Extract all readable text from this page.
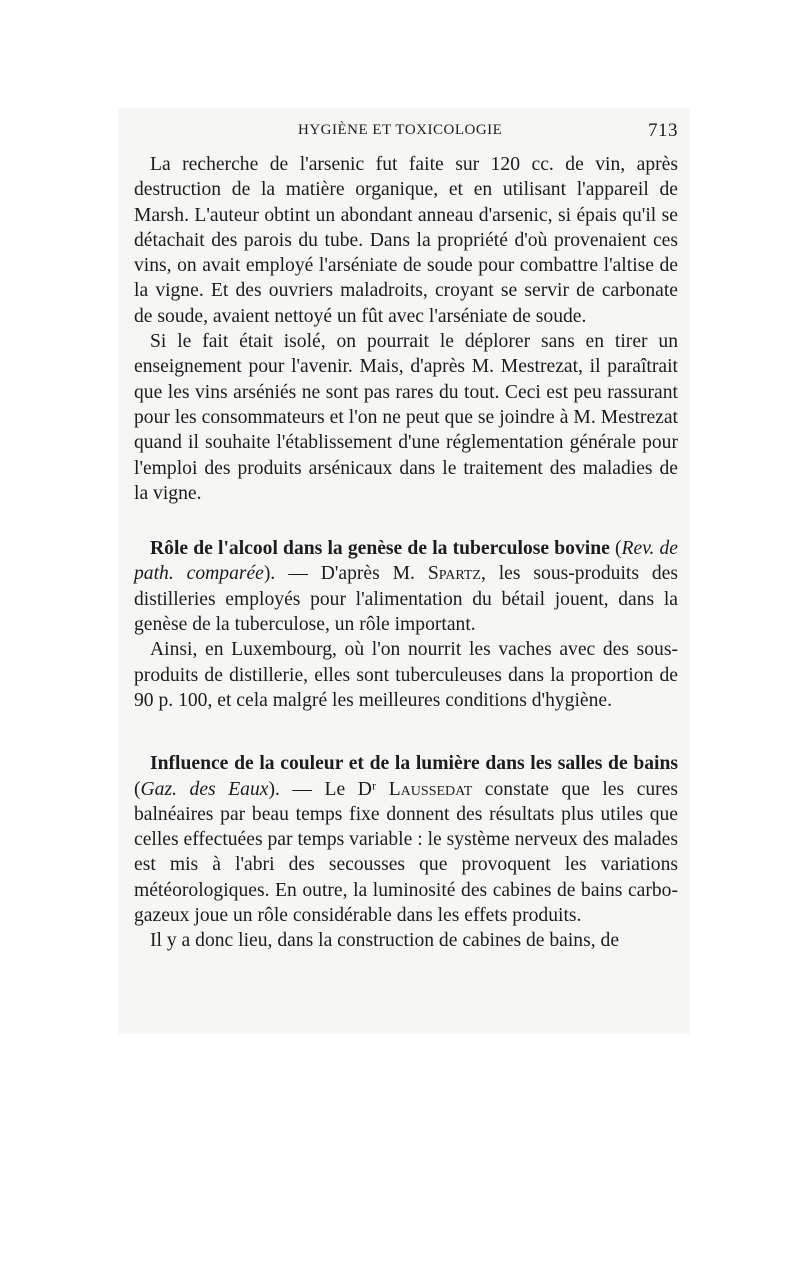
HYGIÈNE ET TOXICOLOGIE	713

La recherche de l'arsenic fut faite sur 120 cc. de vin, après destruction de la matière organique, et en utilisant l'appareil de Marsh. L'auteur obtint un abondant anneau d'arsenic, si épais qu'il se détachait des parois du tube. Dans la propriété d'où provenaient ces vins, on avait employé l'arséniate de soude pour combattre l'altise de la vigne. Et des ouvriers maladroits, croyant se servir de carbonate de soude, avaient nettoyé un fût avec l'arséniate de soude.

Si le fait était isolé, on pourrait le déplorer sans en tirer un enseignement pour l'avenir. Mais, d'après M. Mestrezat, il paraîtrait que les vins arséniés ne sont pas rares du tout. Ceci est peu rassurant pour les consommateurs et l'on ne peut que se joindre à M. Mestrezat quand il souhaite l'établissement d'une réglementation générale pour l'emploi des produits arsénicaux dans le traitement des maladies de la vigne.

Rôle de l'alcool dans la genèse de la tuberculose bovine (Rev. de path. comparée). — D'après M. Spartz, les sous-produits des distilleries employés pour l'alimentation du bétail jouent, dans la genèse de la tuberculose, un rôle important.

Ainsi, en Luxembourg, où l'on nourrit les vaches avec des sous-produits de distillerie, elles sont tuberculeuses dans la proportion de 90 p. 100, et cela malgré les meilleures conditions d'hygiène.

Influence de la couleur et de la lumière dans les salles de bains (Gaz. des Eaux). — Le Dʳ Laussedat constate que les cures balnéaires par beau temps fixe donnent des résultats plus utiles que celles effectuées par temps variable : le système nerveux des malades est mis à l'abri des secousses que provoquent les variations météorologiques. En outre, la luminosité des cabines de bains carbo-gazeux joue un rôle considérable dans les effets produits.

Il y a donc lieu, dans la construction de cabines de bains, de
